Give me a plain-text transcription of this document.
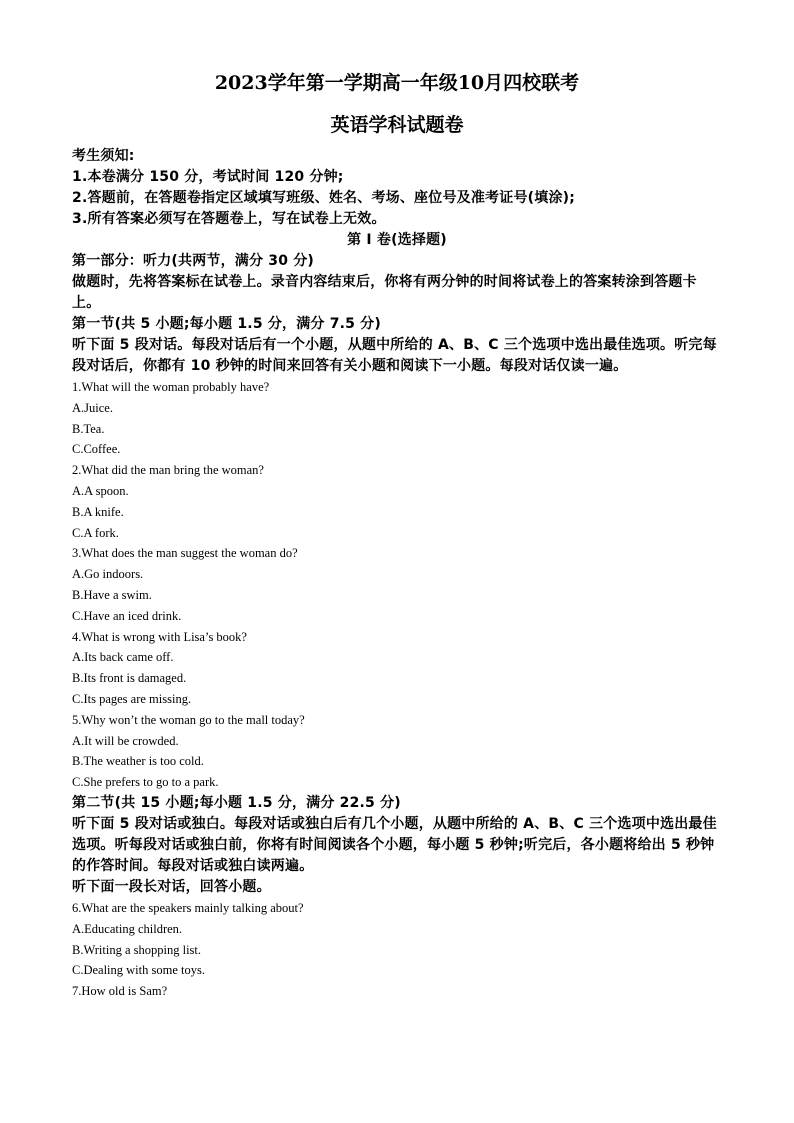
2023学年第一学期高一年级10月四校联考
英语学科试题卷
考生须知:
1.本卷满分 150 分，考试时间 120 分钟;
2.答题前，在答题卷指定区域填写班级、姓名、考场、座位号及准考证号(填涂);
3.所有答案必须写在答题卷上，写在试卷上无效。
第 I 卷(选择题)
第一部分：听力(共两节，满分 30 分)
做题时，先将答案标在试卷上。录音内容结束后，你将有两分钟的时间将试卷上的答案转涂到答题卡上。
第一节(共 5 小题;每小题 1.5 分，满分 7.5 分)
听下面 5 段对话。每段对话后有一个小题，从题中所给的 A、B、C 三个选项中选出最佳选项。听完每段对话后，你都有 10 秒钟的时间来回答有关小题和阅读下一小题。每段对话仅读一遍。
1.What will the woman probably have?
A.Juice.
B.Tea.
C.Coffee.
2.What did the man bring the woman?
A.A spoon.
B.A knife.
C.A fork.
3.What does the man suggest the woman do?
A.Go indoors.
B.Have a swim.
C.Have an iced drink.
4.What is wrong with Lisa’s book?
A.Its back came off.
B.Its front is damaged.
C.Its pages are missing.
5.Why won’t the woman go to the mall today?
A.It will be crowded.
B.The weather is too cold.
C.She prefers to go to a park.
第二节(共 15 小题;每小题 1.5 分，满分 22.5 分)
听下面 5 段对话或独白。每段对话或独白后有几个小题，从题中所给的 A、B、C 三个选项中选出最佳选项。听每段对话或独白前，你将有时间阅读各个小题，每小题 5 秒钟;听完后，各小题将给出 5 秒钟的作答时间。每段对话或独白读两遍。
听下面一段长对话，回答小题。
6.What are the speakers mainly talking about?
A.Educating children.
B.Writing a shopping list.
C.Dealing with some toys.
7.How old is Sam?
